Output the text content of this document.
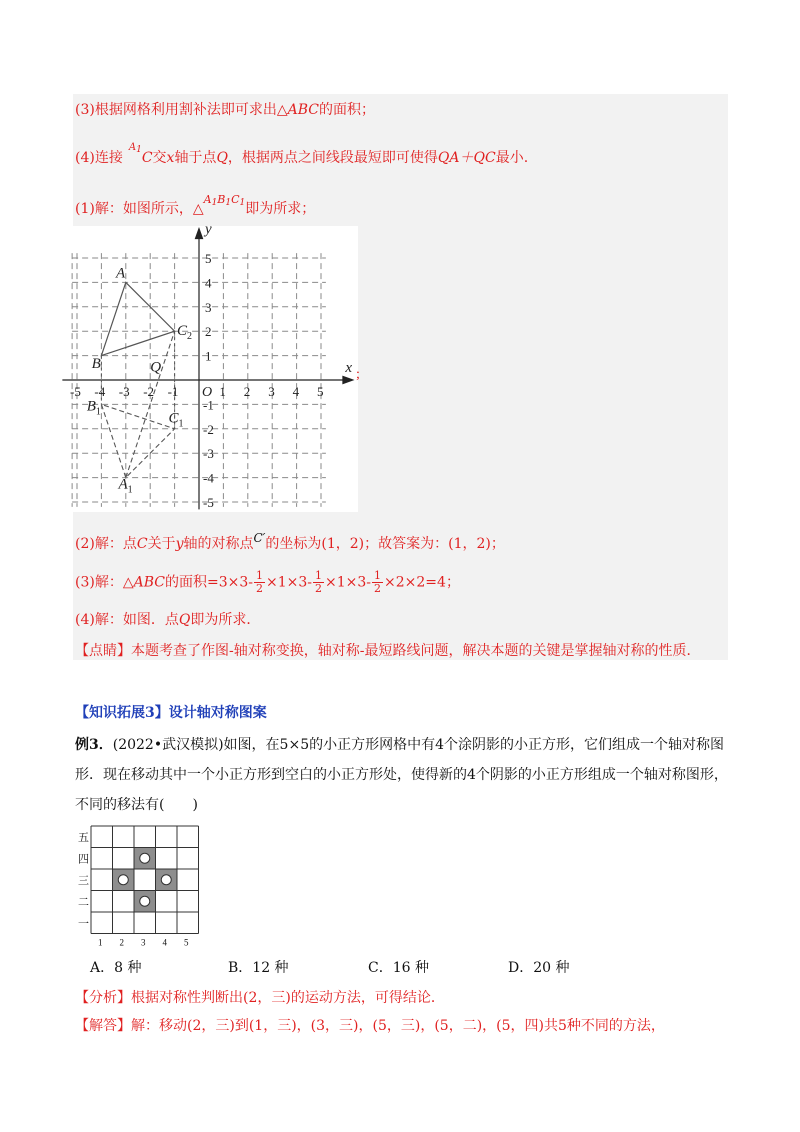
(3)根据网格利用割补法即可求出△ABC的面积；
(4)连接$^{A1}$C交x轴于点Q，根据两点之间线段最短即可使得QA＋QC最小.
(1)解：如图所示，△$^{A_1B_1C_1}$即为所求；
-5 -4 -3 -2 -1	1 2 3 4 5
5
4
3
2
1
-1
-2
-3
-4
-5
x
y
O
A
B
$C_2$
Q
$A_1$
$B_1$	$C_1$
;
(2)解：点C关于y轴的对称点C′的坐标为(1，2)；故答案为：(1，2)；
(3)解：△ABC的面积$=3\times 3- \frac{1}{2} \times 1\times 3- \frac{1}{2} \times 1\times 3- \frac{1}{2} \times 2\times 2=4$；
(4)解：如图．点Q即为所求．
【点睛】本题考查了作图-轴对称变换，轴对称-最短路线问题，解决本题的关键是掌握轴对称的性质．
【知识拓展3】设计轴对称图案
例3．(2022•武汉模拟)如图，在5×5的小正方形网格中有4个涂阴影的小正方形，它们组成一个轴对称图
形．现在移动其中一个小正方形到空白的小正方形处，使得新的4个阴影的小正方形组成一个轴对称图形，
不同的移法有(　　)
五
四
三
二
一
1 2 3 4 5
A．8 种	B．12 种	C．16 种	D．20 种
【分析】根据对称性判断出(2，三)的运动方法，可得结论．
【解答】解：移动(2，三)到(1，三)，(3，三)，(5，三)，(5，二)，(5，四)共5种不同的方法，
